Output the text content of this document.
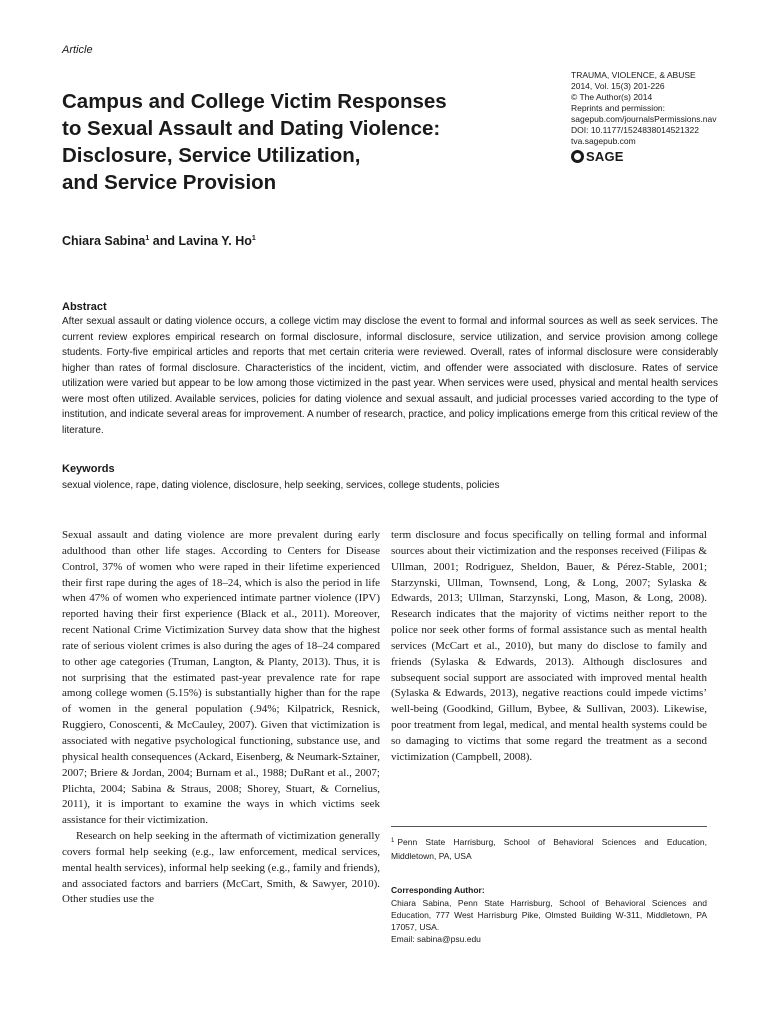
Article
Campus and College Victim Responses
to Sexual Assault and Dating Violence:
Disclosure, Service Utilization,
and Service Provision
TRAUMA, VIOLENCE, & ABUSE
2014, Vol. 15(3) 201-226
© The Author(s) 2014
Reprints and permission:
sagepub.com/journalsPermissions.nav
DOI: 10.1177/1524838014521322
tva.sagepub.com
SAGE
Chiara Sabina$^1$ and Lavina Y. Ho$^1$
Abstract
After sexual assault or dating violence occurs, a college victim may disclose the event to formal and informal sources as well as seek services. The current review explores empirical research on formal disclosure, informal disclosure, service utilization, and service provision among college students. Forty-five empirical articles and reports that met certain criteria were reviewed. Overall, rates of informal disclosure were considerably higher than rates of formal disclosure. Characteristics of the incident, victim, and offender were associated with disclosure. Rates of service utilization were varied but appear to be low among those victimized in the past year. When services were used, physical and mental health services were most often utilized. Available services, policies for dating violence and sexual assault, and judicial processes varied according to the type of institution, and indicate several areas for improvement. A number of research, practice, and policy implications emerge from this critical review of the literature.
Keywords
sexual violence, rape, dating violence, disclosure, help seeking, services, college students, policies

Sexual assault and dating violence are more prevalent during early adulthood than other life stages. According to Centers for Disease Control, 37% of women who were raped in their lifetime experienced their first rape during the ages of 18–24, which is also the period in life when 47% of women who experienced intimate partner violence (IPV) reported having their first experience (Black et al., 2011). Moreover, recent National Crime Victimization Survey data show that the highest rate of serious violent crimes is also during the ages of 18–24 compared to other age categories (Truman, Langton, & Planty, 2013). Thus, it is not surprising that the estimated past-year prevalence rate for rape among college women (5.15%) is substantially higher than for the rape of women in the general population (.94%; Kilpatrick, Resnick, Ruggiero, Conoscenti, & McCauley, 2007). Given that victimization is associated with negative psychological functioning, substance use, and physical health consequences (Ackard, Eisenberg, & Neumark-Sztainer, 2007; Briere & Jordan, 2004; Burnam et al., 1988; DuRant et al., 2007; Plichta, 2004; Sabina & Straus, 2008; Shorey, Stuart, & Cornelius, 2011), it is important to examine the ways in which victims seek assistance for their victimization.

Research on help seeking in the aftermath of victimization generally covers formal help seeking (e.g., law enforcement, medical services, mental health services), informal help seeking (e.g., family and friends), and associated factors and barriers (McCart, Smith, & Sawyer, 2010). Other studies use the

term disclosure and focus specifically on telling formal and informal sources about their victimization and the responses received (Filipas & Ullman, 2001; Rodriguez, Sheldon, Bauer, & Pérez-Stable, 2001; Starzynski, Ullman, Townsend, Long, & Long, 2007; Sylaska & Edwards, 2013; Ullman, Starzynski, Long, Mason, & Long, 2008). Research indicates that the majority of victims neither report to the police nor seek other forms of formal assistance such as mental health services (McCart et al., 2010), but many do disclose to family and friends (Sylaska & Edwards, 2013). Although disclosures and subsequent social support are associated with improved mental health (Sylaska & Edwards, 2013), negative reactions could impede victims’ well-being (Goodkind, Gillum, Bybee, & Sullivan, 2003). Likewise, poor treatment from legal, medical, and mental health systems could be so damaging to victims that some regard the treatment as a second victimization (Campbell, 2008).

$^1$ Penn State Harrisburg, School of Behavioral Sciences and Education, Middletown, PA, USA
Corresponding Author:
Chiara Sabina, Penn State Harrisburg, School of Behavioral Sciences and Education, 777 West Harrisburg Pike, Olmsted Building W-311, Middletown, PA 17057, USA.
Email: sabina@psu.edu
